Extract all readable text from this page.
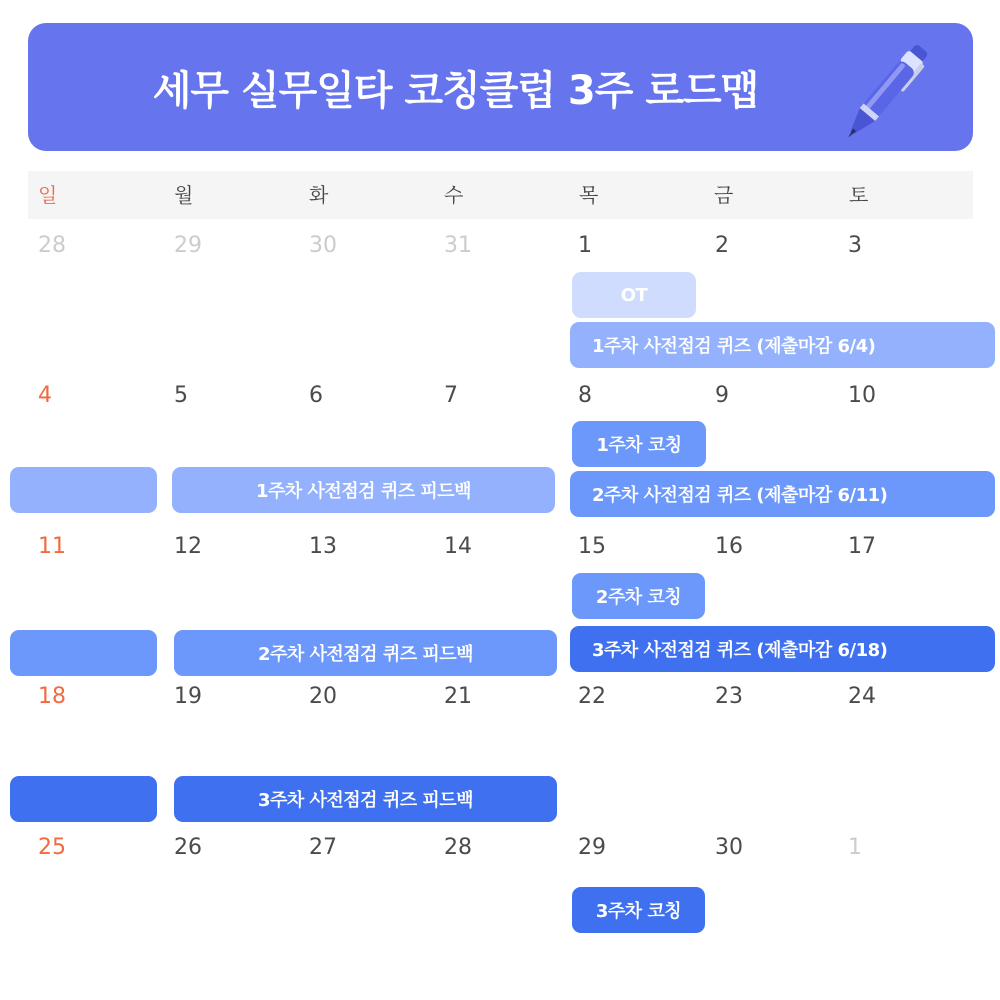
세무 실무일타 코칭클럽 3주 로드맵
일	월	화	수	목	금	토
28	29	30	31	1	2	3
4	5	6	7	8	9	10
11	12	13	14	15	16	17
18	19	20	21	22	23	24
25	26	27	28	29	30	1
OT
1주차 사전점검 퀴즈 (제출마감 6/4)
1주차 코칭
1주차 사전점검 퀴즈 피드백	2주차 사전점검 퀴즈 (제출마감 6/11)
2주차 코칭
2주차 사전점검 퀴즈 피드백	3주차 사전점검 퀴즈 (제출마감 6/18)
3주차 사전점검 퀴즈 피드백
3주차 코칭
